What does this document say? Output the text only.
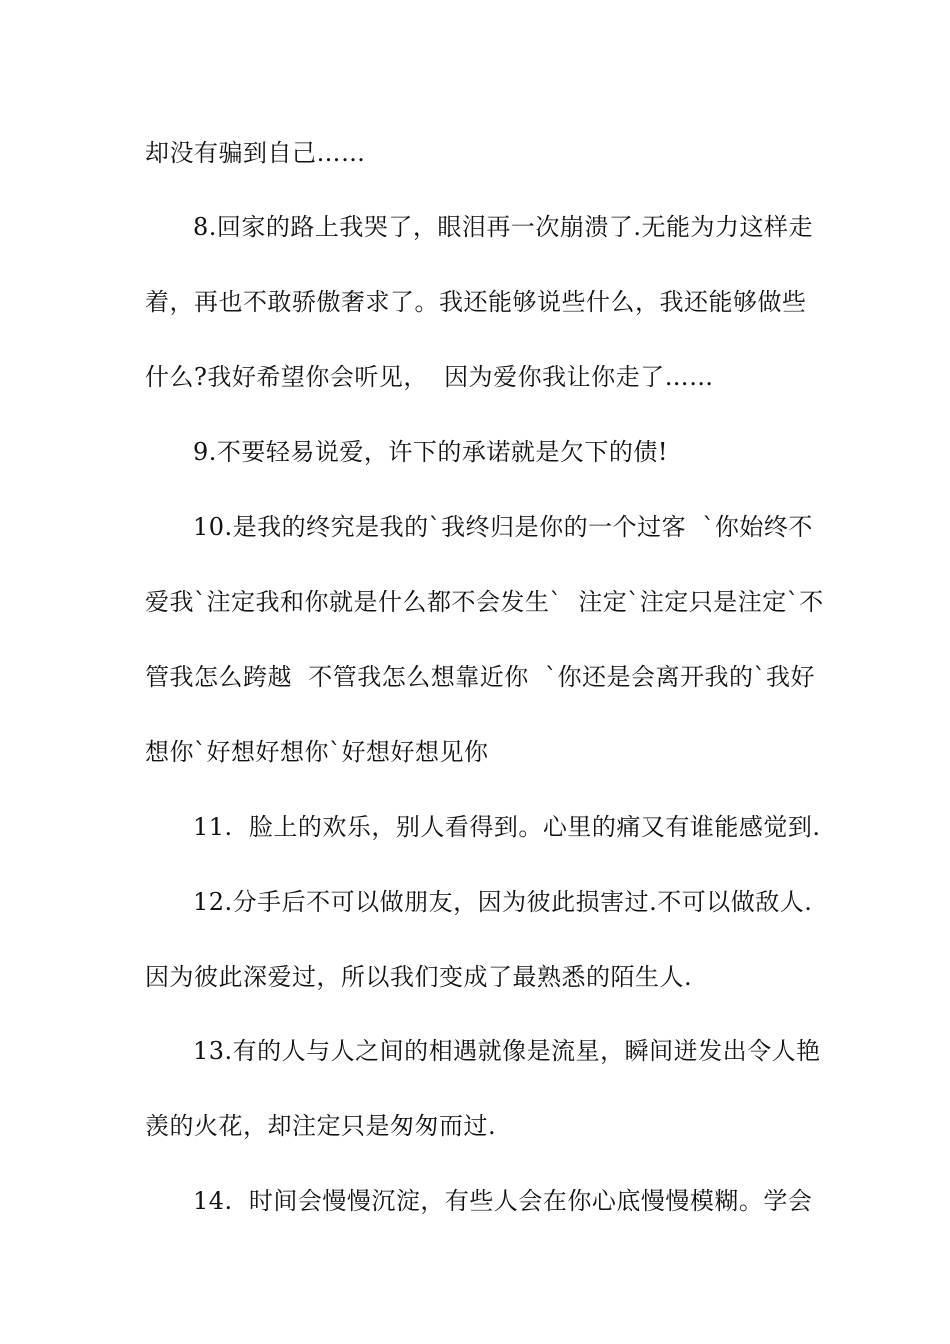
却没有骗到自己……
8.回家的路上我哭了，眼泪再一次崩溃了.无能为力这样走
着，再也不敢骄傲奢求了。我还能够说些什么，我还能够做些
什么?我好希望你会听见，  因为爱你我让你走了……
9.不要轻易说爱，许下的承诺就是欠下的债!
10.是我的终究是我的`我终归是你的一个过客  `你始终不
爱我`注定我和你就是什么都不会发生`  注定`注定只是注定`不
管我怎么跨越  不管我怎么想靠近你  `你还是会离开我的`我好
想你`好想好想你`好想好想见你
11.  脸上的欢乐，别人看得到。心里的痛又有谁能感觉到.
12.分手后不可以做朋友，因为彼此损害过.不可以做敌人.
因为彼此深爱过，所以我们变成了最熟悉的陌生人.
13.有的人与人之间的相遇就像是流星，瞬间迸发出令人艳
羡的火花，却注定只是匆匆而过.
14.  时间会慢慢沉淀，有些人会在你心底慢慢模糊。学会
